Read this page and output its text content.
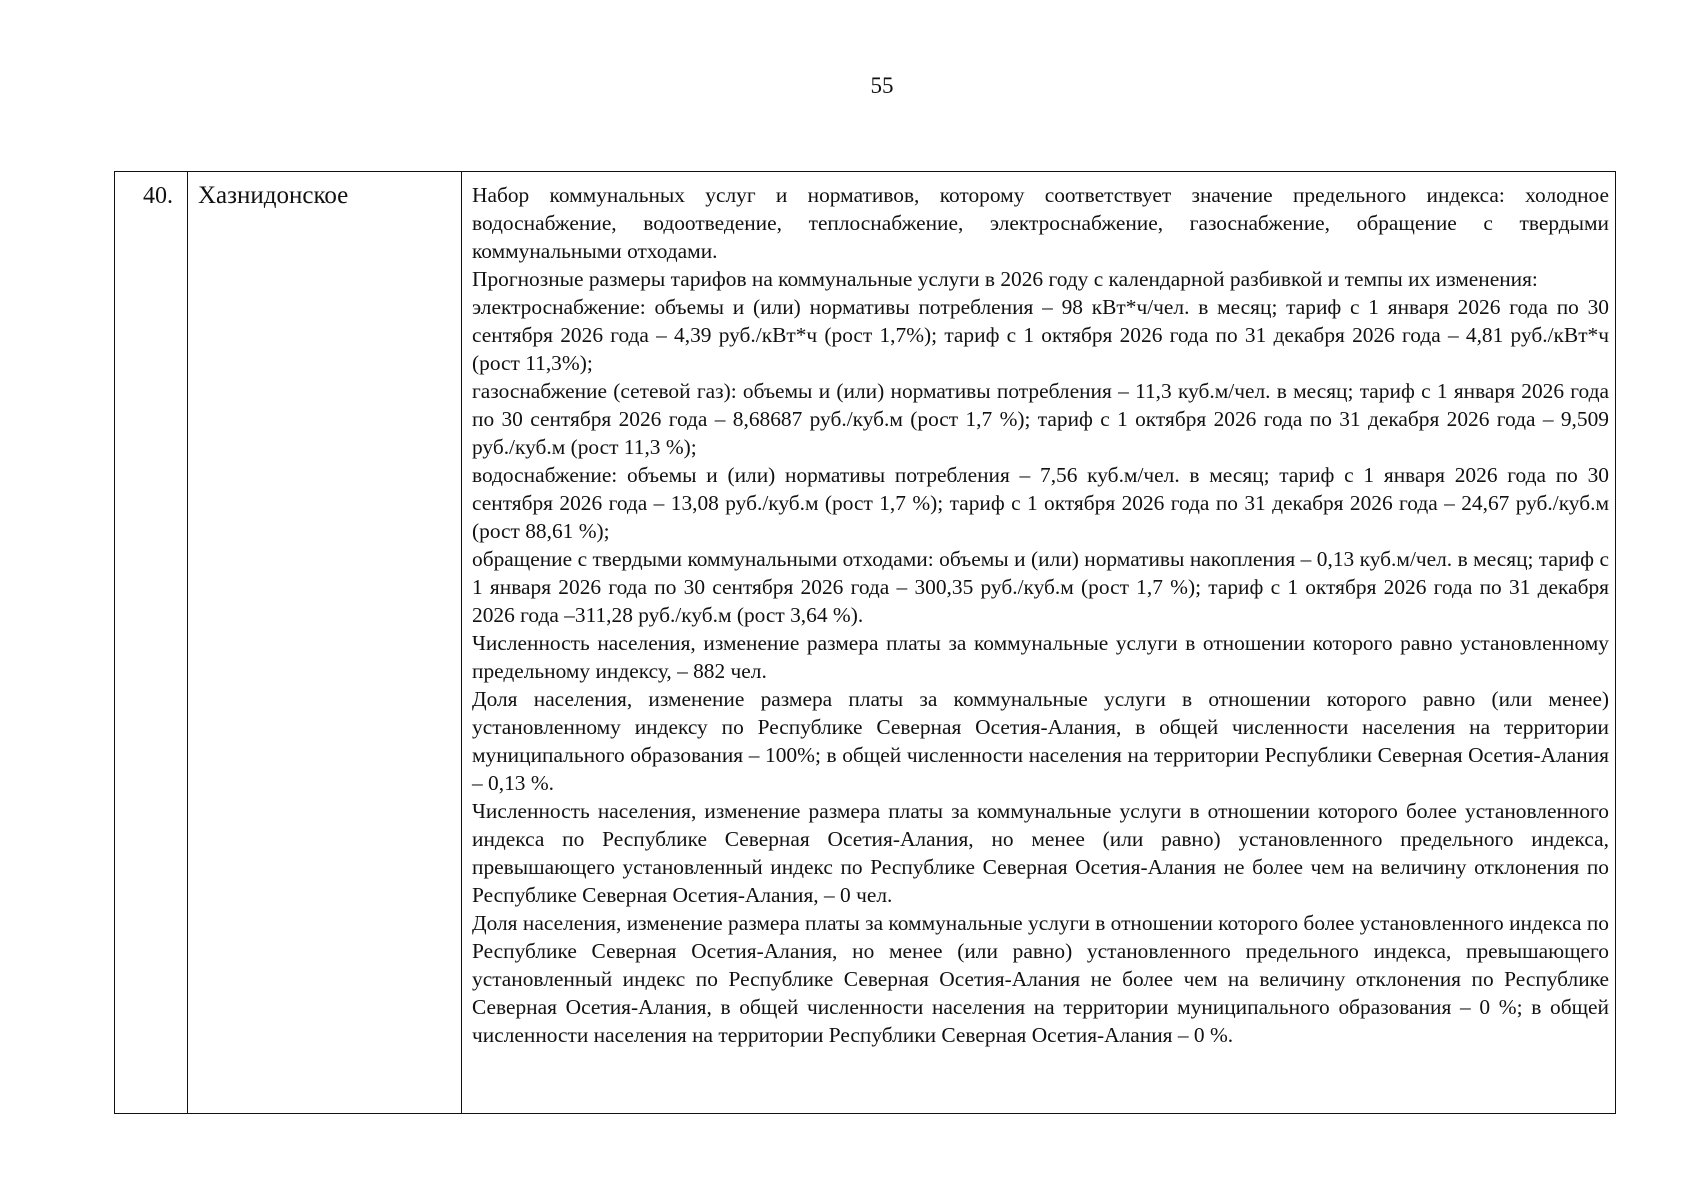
55
40.	Хазнидонское	Набор коммунальных услуг и нормативов, которому соответствует значение предельного индекса: холодное водоснабжение, водоотведение, теплоснабжение, электроснабжение, газоснабжение, обращение с твердыми коммунальными отходами.

Прогнозные размеры тарифов на коммунальные услуги в 2026 году с календарной разбивкой и темпы их изменения:

электроснабжение: объемы и (или) нормативы потребления – 98 кВт*ч/чел. в месяц; тариф с 1 января 2026 года по 30 сентября 2026 года – 4,39 руб./кВт*ч (рост 1,7%); тариф с 1 октября 2026 года по 31 декабря 2026 года – 4,81 руб./кВт*ч (рост 11,3%);

газоснабжение (сетевой газ): объемы и (или) нормативы потребления – 11,3 куб.м/чел. в месяц; тариф с 1 января 2026 года по 30 сентября 2026 года – 8,68687 руб./куб.м (рост 1,7 %); тариф с 1 октября 2026 года по 31 декабря 2026 года – 9,509 руб./куб.м (рост 11,3 %);

водоснабжение: объемы и (или) нормативы потребления – 7,56 куб.м/чел. в месяц; тариф с 1 января 2026 года по 30 сентября 2026 года – 13,08 руб./куб.м (рост 1,7 %); тариф с 1 октября 2026 года по 31 декабря 2026 года – 24,67 руб./куб.м (рост 88,61 %);

обращение с твердыми коммунальными отходами: объемы и (или) нормативы накопления – 0,13 куб.м/чел. в месяц; тариф с 1 января 2026 года по 30 сентября 2026 года – 300,35 руб./куб.м (рост 1,7 %); тариф с 1 октября 2026 года по 31 декабря 2026 года –311,28 руб./куб.м (рост 3,64 %).

Численность населения, изменение размера платы за коммунальные услуги в отношении которого равно установленному предельному индексу, – 882 чел.

Доля населения, изменение размера платы за коммунальные услуги в отношении которого равно (или менее) установленному индексу по Республике Северная Осетия-Алания, в общей численности населения на территории муниципального образования – 100%; в общей численности населения на территории Республики Северная Осетия-Алания – 0,13 %.

Численность населения, изменение размера платы за коммунальные услуги в отношении которого более установленного индекса по Республике Северная Осетия-Алания, но менее (или равно) установленного предельного индекса, превышающего установленный индекс по Республике Северная Осетия-Алания не более чем на величину отклонения по Республике Северная Осетия-Алания, – 0 чел.

Доля населения, изменение размера платы за коммунальные услуги в отношении которого более установленного индекса по Республике Северная Осетия-Алания, но менее (или равно) установленного предельного индекса, превышающего установленный индекс по Республике Северная Осетия-Алания не более чем на величину отклонения по Республике Северная Осетия-Алания, в общей численности населения на территории муниципального образования – 0 %; в общей численности населения на территории Республики Северная Осетия-Алания – 0 %.
